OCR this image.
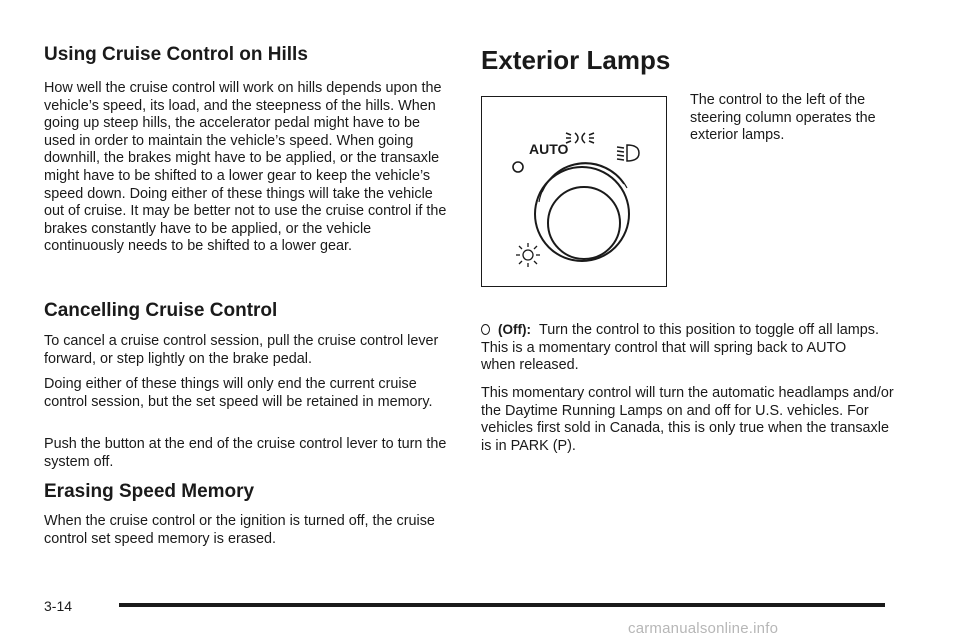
Using Cruise Control on Hills

How well the cruise control will work on hills depends upon the vehicle’s speed, its load, and the steepness of the hills. When going up steep hills, the accelerator pedal might have to be used in order to maintain the vehicle’s speed. When going downhill, the brakes might have to be applied, or the transaxle might have to be shifted to a lower gear to keep the vehicle’s speed down. Doing either of these things will take the vehicle out of cruise. It may be better not to use the cruise control if the brakes constantly have to be applied, or the vehicle continuously needs to be shifted to a lower gear.

Cancelling Cruise Control

To cancel a cruise control session, pull the cruise control lever forward, or step lightly on the brake pedal.

Doing either of these things will only end the current cruise control session, but the set speed will be retained in memory.

Push the button at the end of the cruise control lever to turn the system off.

Erasing Speed Memory

When the cruise control or the ignition is turned off, the cruise control set speed memory is erased.

Exterior Lamps
AUTO

The control to the left of the steering column operates the exterior lamps.

(Off): Turn the control to this position to toggle off all lamps. This is a momentary control that will spring back to AUTO when released.

This momentary control will turn the automatic headlamps and/or the Daytime Running Lamps on and off for U.S. vehicles. For vehicles first sold in Canada, this is only true when the transaxle is in PARK (P).

3-14
carmanualsonline.info
